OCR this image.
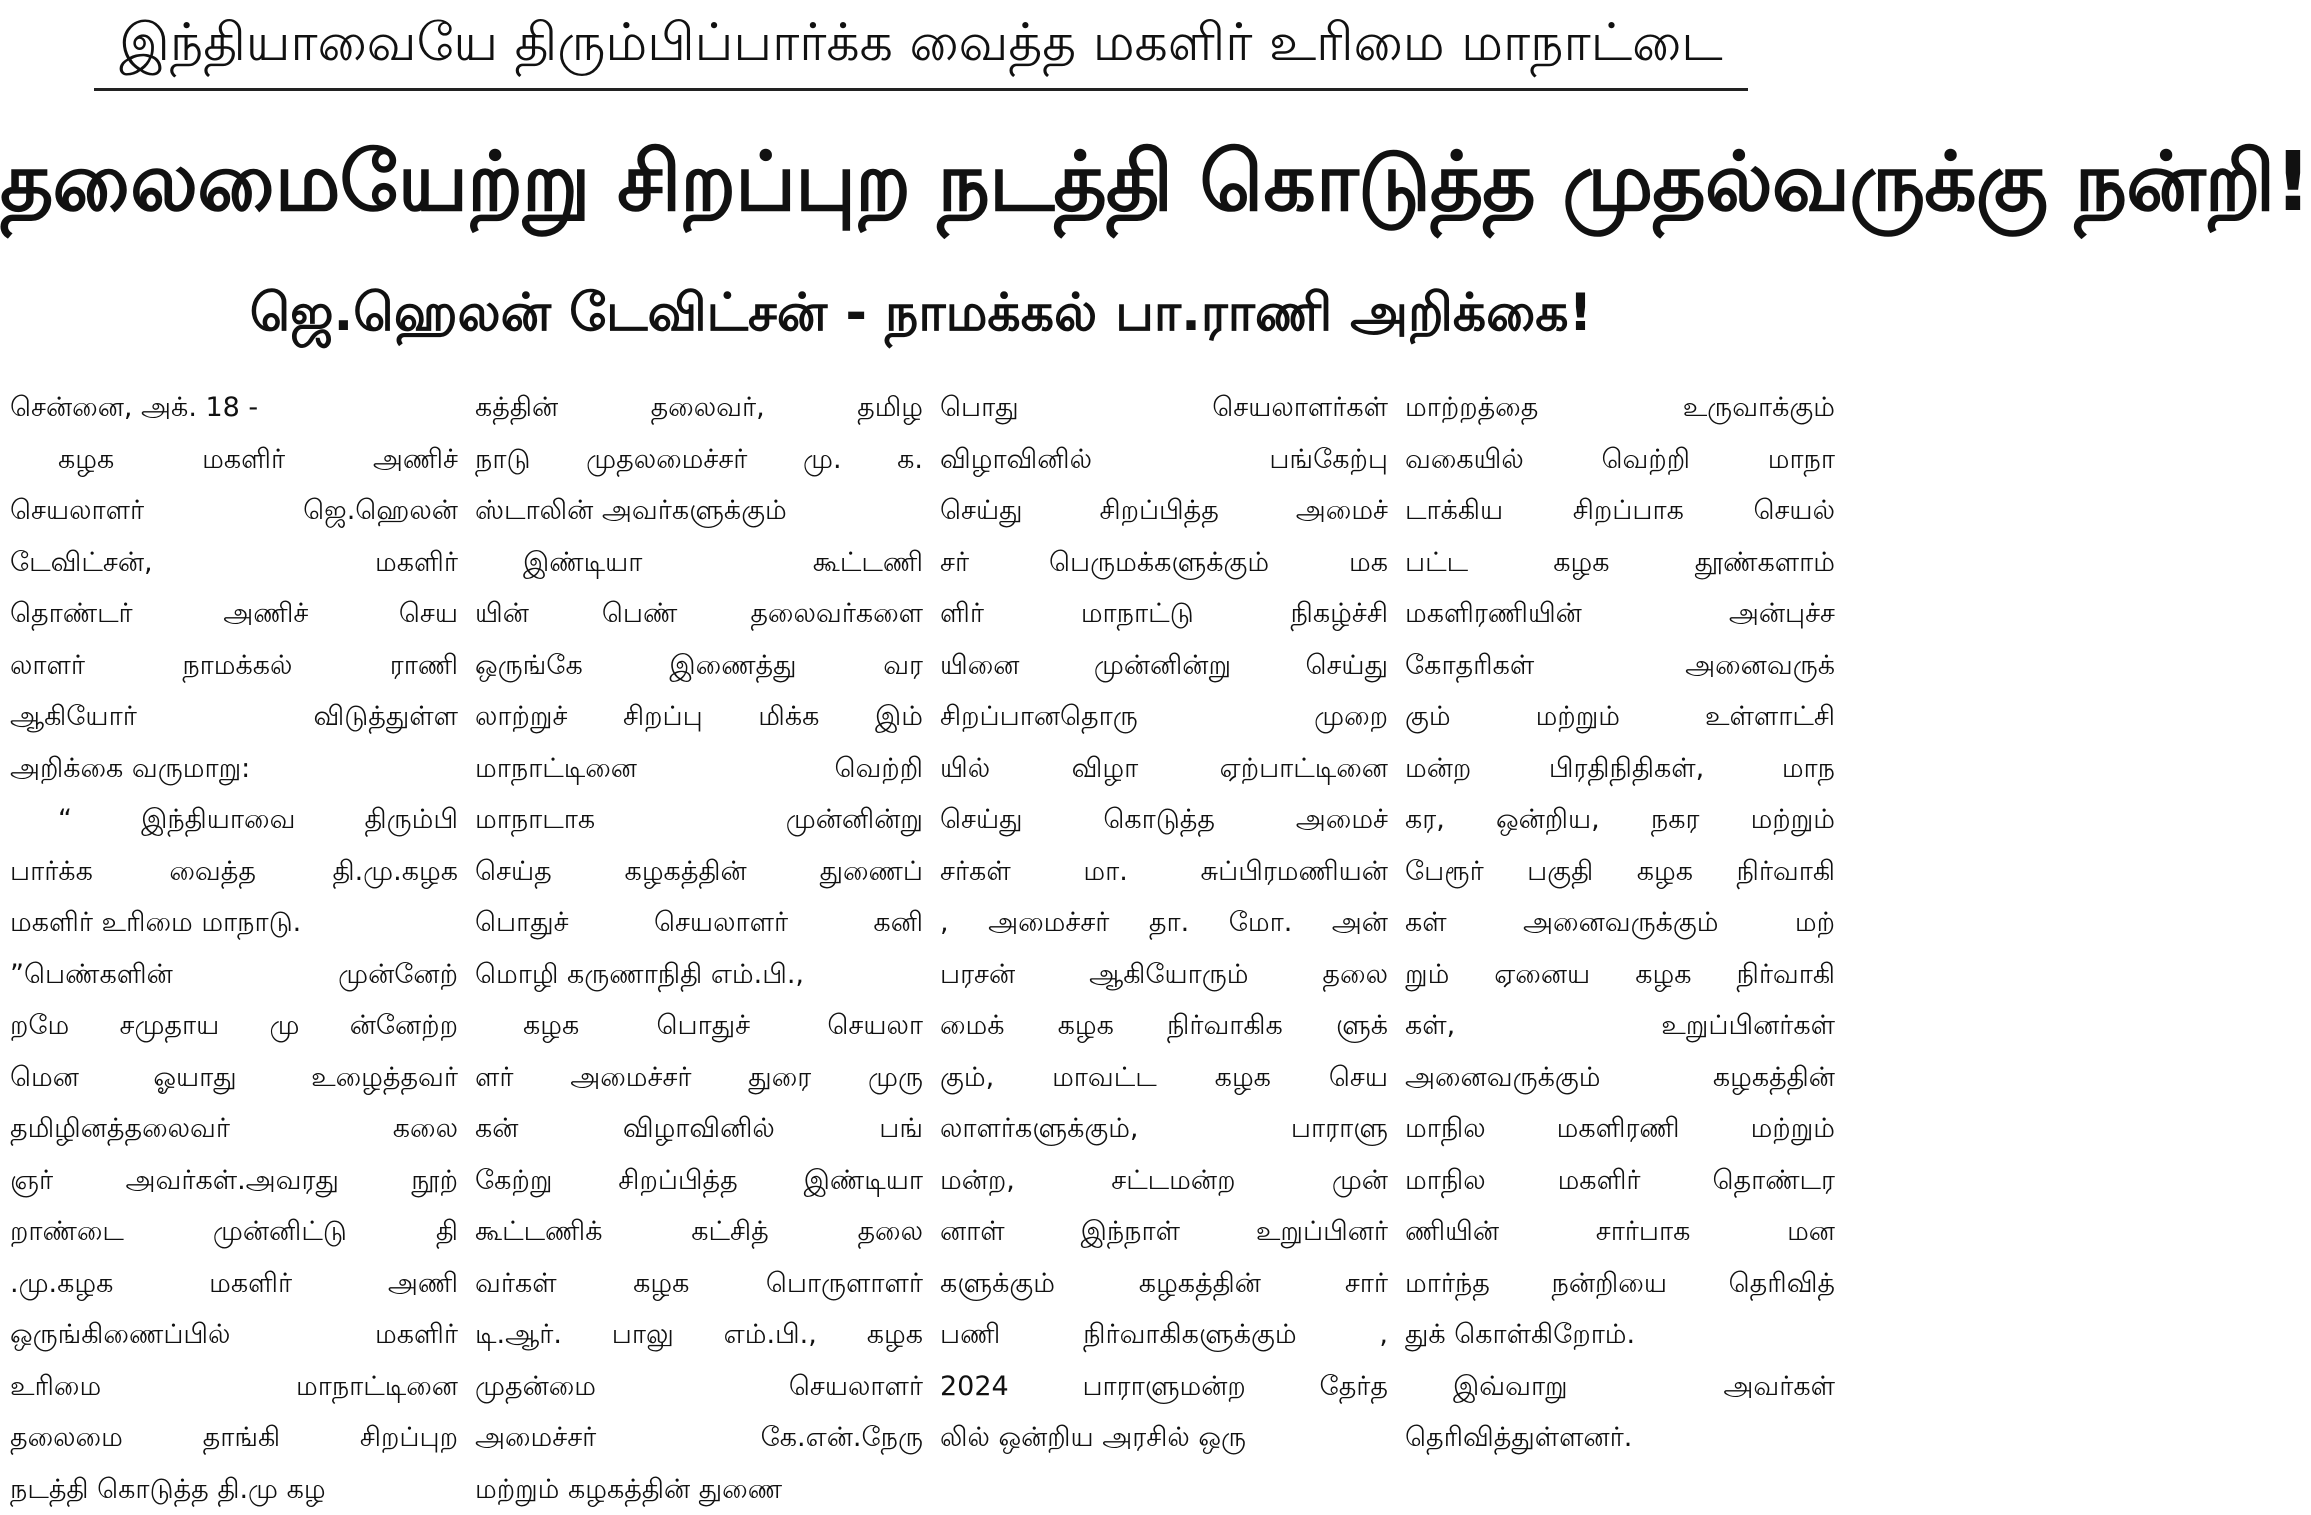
இந்தியாவையே திரும்பிப்பார்க்க வைத்த மகளிர் உரிமை மாநாட்டை
தலைமையேற்று சிறப்புற நடத்தி கொடுத்த முதல்வருக்கு நன்றி!
ஜெ.ஹெலன் டேவிட்சன் - நாமக்கல் பா.ராணி அறிக்கை!
சென்னை, அக். 18 -
கழக மகளிர் அணிச்
செயலாளர் ஜெ.ஹெலன்
டேவிட்சன், மகளிர்
தொண்டர் அணிச் செய
லாளர் நாமக்கல் ராணி
ஆகியோர் விடுத்துள்ள
அறிக்கை வருமாறு:
“ இந்தியாவை திரும்பி
பார்க்க வைத்த தி.மு.கழக
மகளிர் உரிமை மாநாடு.
”பெண்களின் முன்னேற்
றமே சமுதாய மு ன்னேற்ற
மென ஓயாது உழைத்தவர்
தமிழினத்தலைவர் கலை
ஞர் அவர்கள்.அவரது நூற்
றாண்டை முன்னிட்டு தி
.மு.கழக மகளிர் அணி
ஒருங்கிணைப்பில் மகளிர்
உரிமை மாநாட்டினை
தலைமை தாங்கி சிறப்புற
நடத்தி கொடுத்த தி.மு கழ
கத்தின் தலைவர், தமிழ
நாடு முதலமைச்சர் மு. க.
ஸ்டாலின் அவர்களுக்கும்
இண்டியா கூட்டணி
யின் பெண் தலைவர்களை
ஒருங்கே இணைத்து வர
லாற்றுச் சிறப்பு மிக்க இம்
மாநாட்டினை வெற்றி
மாநாடாக முன்னின்று
செய்த கழகத்தின் துணைப்
பொதுச் செயலாளர் கனி
மொழி கருணாநிதி எம்.பி.,
கழக பொதுச் செயலா
ளர் அமைச்சர் துரை முரு
கன் விழாவினில் பங்
கேற்று சிறப்பித்த இண்டியா
கூட்டணிக் கட்சித் தலை
வர்கள் கழக பொருளாளர்
டி.ஆர். பாலு எம்.பி., கழக
முதன்மை செயலாளர்
அமைச்சர் கே.என்.நேரு
மற்றும் கழகத்தின் துணை
பொது செயலாளர்கள்
விழாவினில் பங்கேற்பு
செய்து சிறப்பித்த அமைச்
சர் பெருமக்களுக்கும் மக
ளிர் மாநாட்டு நிகழ்ச்சி
யினை முன்னின்று செய்து
சிறப்பானதொரு முறை
யில் விழா ஏற்பாட்டினை
செய்து கொடுத்த அமைச்
சர்கள் மா. சுப்பிரமணியன்
, அமைச்சர் தா. மோ. அன்
பரசன் ஆகியோரும் தலை
மைக் கழக நிர்வாகிக ளுக்
கும், மாவட்ட கழக செய
லாளர்களுக்கும், பாராளு
மன்ற, சட்டமன்ற முன்
னாள் இந்நாள் உறுப்பினர்
களுக்கும் கழகத்தின் சார்
பணி நிர்வாகிகளுக்கும் ,
2024 பாராளுமன்ற தேர்த
லில் ஒன்றிய அரசில் ஒரு
மாற்றத்தை உருவாக்கும்
வகையில் வெற்றி மாநா
டாக்கிய சிறப்பாக செயல்
பட்ட கழக தூண்களாம்
மகளிரணியின் அன்புச்ச
கோதரிகள் அனைவருக்
கும் மற்றும் உள்ளாட்சி
மன்ற பிரதிநிதிகள், மாந
கர, ஒன்றிய, நகர மற்றும்
பேரூர் பகுதி கழக நிர்வாகி
கள் அனைவருக்கும் மற்
றும் ஏனைய கழக நிர்வாகி
கள், உறுப்பினர்கள்
அனைவருக்கும் கழகத்தின்
மாநில மகளிரணி மற்றும்
மாநில மகளிர் தொண்டர
ணியின் சார்பாக மன
மார்ந்த நன்றியை தெரிவித்
துக் கொள்கிறோம்.
இவ்வாறு அவர்கள்
தெரிவித்துள்ளனர்.
